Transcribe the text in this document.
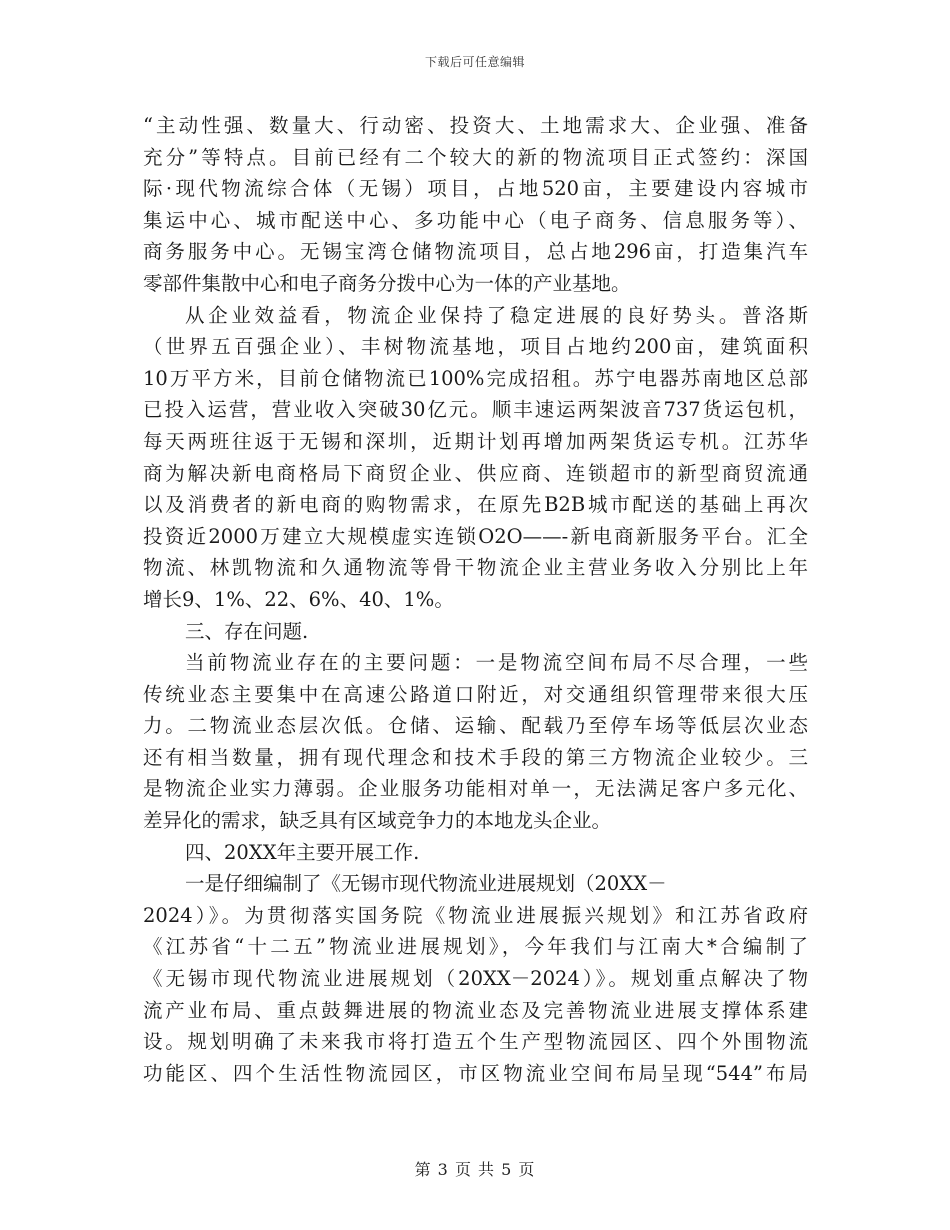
下载后可任意编辑
“主动性强、数量大、行动密、投资大、土地需求大、企业强、准备
充分”等特点。目前已经有二个较大的新的物流项目正式签约：深国
际·现代物流综合体（无锡）项目，占地520亩，主要建设内容城市
集运中心、城市配送中心、多功能中心（电子商务、信息服务等）、
商务服务中心。无锡宝湾仓储物流项目，总占地296亩，打造集汽车
零部件集散中心和电子商务分拨中心为一体的产业基地。
从企业效益看，物流企业保持了稳定进展的良好势头。普洛斯
（世界五百强企业）、丰树物流基地，项目占地约200亩，建筑面积
10万平方米，目前仓储物流已100%完成招租。苏宁电器苏南地区总部
已投入运营，营业收入突破30亿元。顺丰速运两架波音737货运包机，
每天两班往返于无锡和深圳，近期计划再增加两架货运专机。江苏华
商为解决新电商格局下商贸企业、供应商、连锁超市的新型商贸流通
以及消费者的新电商的购物需求，在原先B2B城市配送的基础上再次
投资近2000万建立大规模虚实连锁O2O——-新电商新服务平台。汇全
物流、林凯物流和久通物流等骨干物流企业主营业务收入分别比上年
增长9、1%、22、6%、40、1%。
三、存在问题.
当前物流业存在的主要问题：一是物流空间布局不尽合理，一些
传统业态主要集中在高速公路道口附近，对交通组织管理带来很大压
力。二物流业态层次低。仓储、运输、配载乃至停车场等低层次业态
还有相当数量，拥有现代理念和技术手段的第三方物流企业较少。三
是物流企业实力薄弱。企业服务功能相对单一，无法满足客户多元化、
差异化的需求，缺乏具有区域竞争力的本地龙头企业。
四、20XX年主要开展工作.
一是仔细编制了《无锡市现代物流业进展规划（20XX－
2024）》。为贯彻落实国务院《物流业进展振兴规划》和江苏省政府
《江苏省“十二五”物流业进展规划》，今年我们与江南大*合编制了
《无锡市现代物流业进展规划（20XX－2024）》。规划重点解决了物
流产业布局、重点鼓舞进展的物流业态及完善物流业进展支撑体系建
设。规划明确了未来我市将打造五个生产型物流园区、四个外围物流
功能区、四个生活性物流园区，市区物流业空间布局呈现“544”布局
第 3 页 共 5 页
